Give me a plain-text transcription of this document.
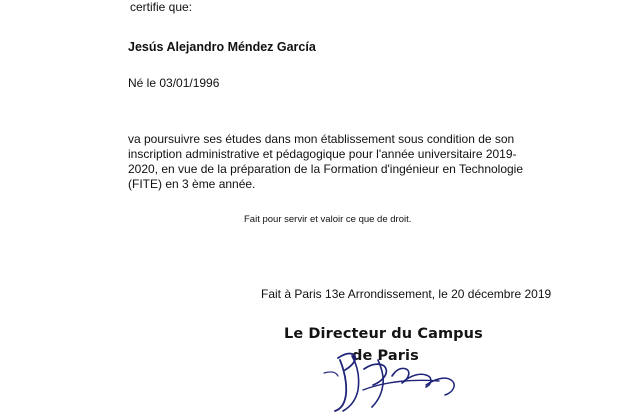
certifie que:

Jesús Alejandro Méndez García

Né le 03/01/1996

va poursuivre ses études dans mon établissement sous condition de son

inscription administrative et pédagogique pour l'année universitaire 2019-

2020, en vue de la préparation de la Formation d'ingénieur en Technologie

(FITE) en 3 ème année.

Fait pour servir et valoir ce que de droit.

Fait à Paris 13e Arrondissement, le 20 décembre 2019

Le Directeur du Campus
de Paris
